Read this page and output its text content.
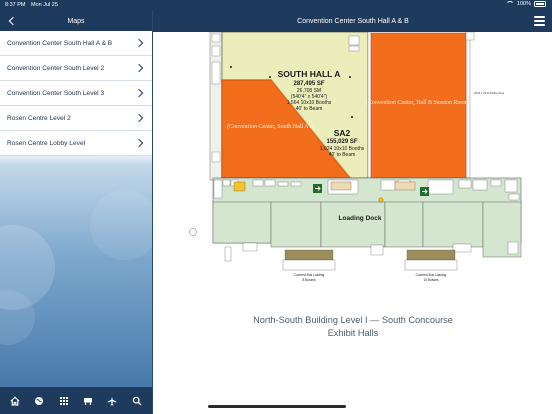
8:37 PM Mon Jul 25	100%
Maps
Convention Center South Hall A & B
Convention Center South Level 2
Convention Center South Level 3
Rosen Centre Level 2
Rosen Centre Lobby Level
Convention Center South Hall A & B
SOUTH HALL A
287,495 SF
26,708 SM
(540'4" x 540'4")
1,564 10x10 Booths
40' to Beam
SA2
155,029 SF
1,024 10x10 Booths
40' to Beam
(Convention Center, South Hall A1)
(Convention Center, Hall B Session Room)
32'W x 23'H Rollup Door
Loading Dock
Covered Bus Loading
8 Busses
Covered Bus Loading
10 Busses
North-South Building Level I — South Concourse
Exhibit Halls
